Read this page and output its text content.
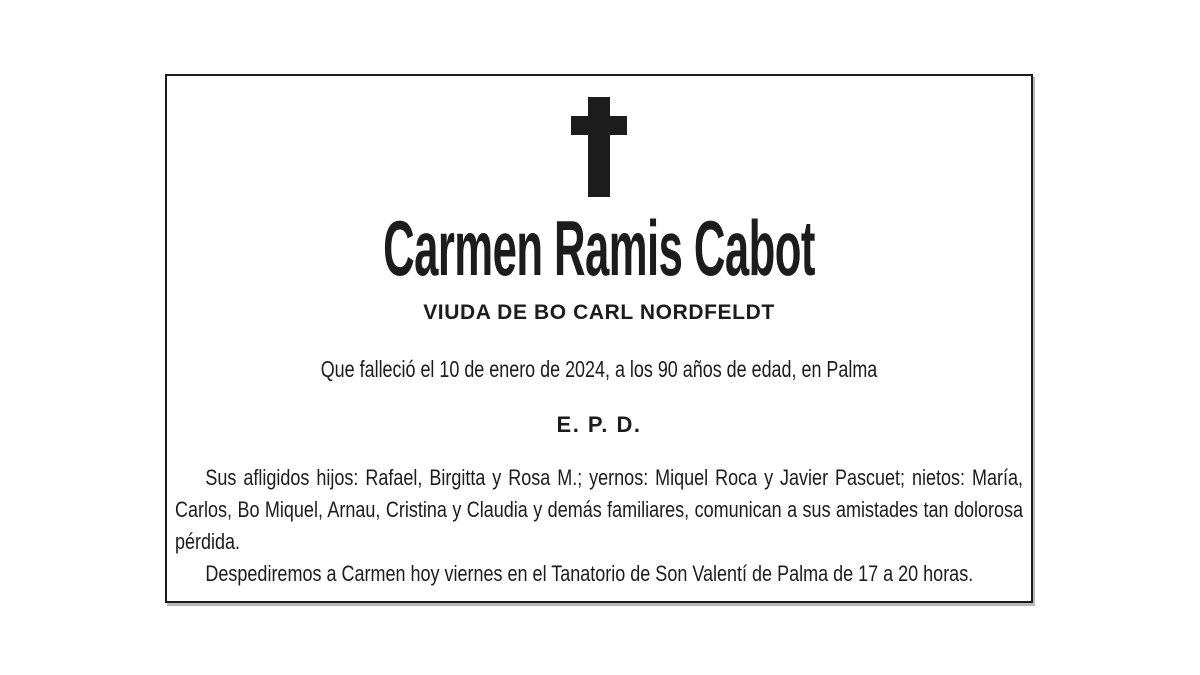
Carmen Ramis Cabot
VIUDA DE BO CARL NORDFELDT
Que falleció el 10 de enero de 2024, a los 90 años de edad, en Palma
E. P. D.

Sus afligidos hijos: Rafael, Birgitta y Rosa M.; yernos: Miquel Roca y Javier Pascuet; nietos: María, Carlos, Bo Miquel, Arnau, Cristina y Claudia y demás familiares, comunican a sus amistades tan dolorosa pérdida.

Despediremos a Carmen hoy viernes en el Tanatorio de Son Valentí de Palma de 17 a 20 horas.
